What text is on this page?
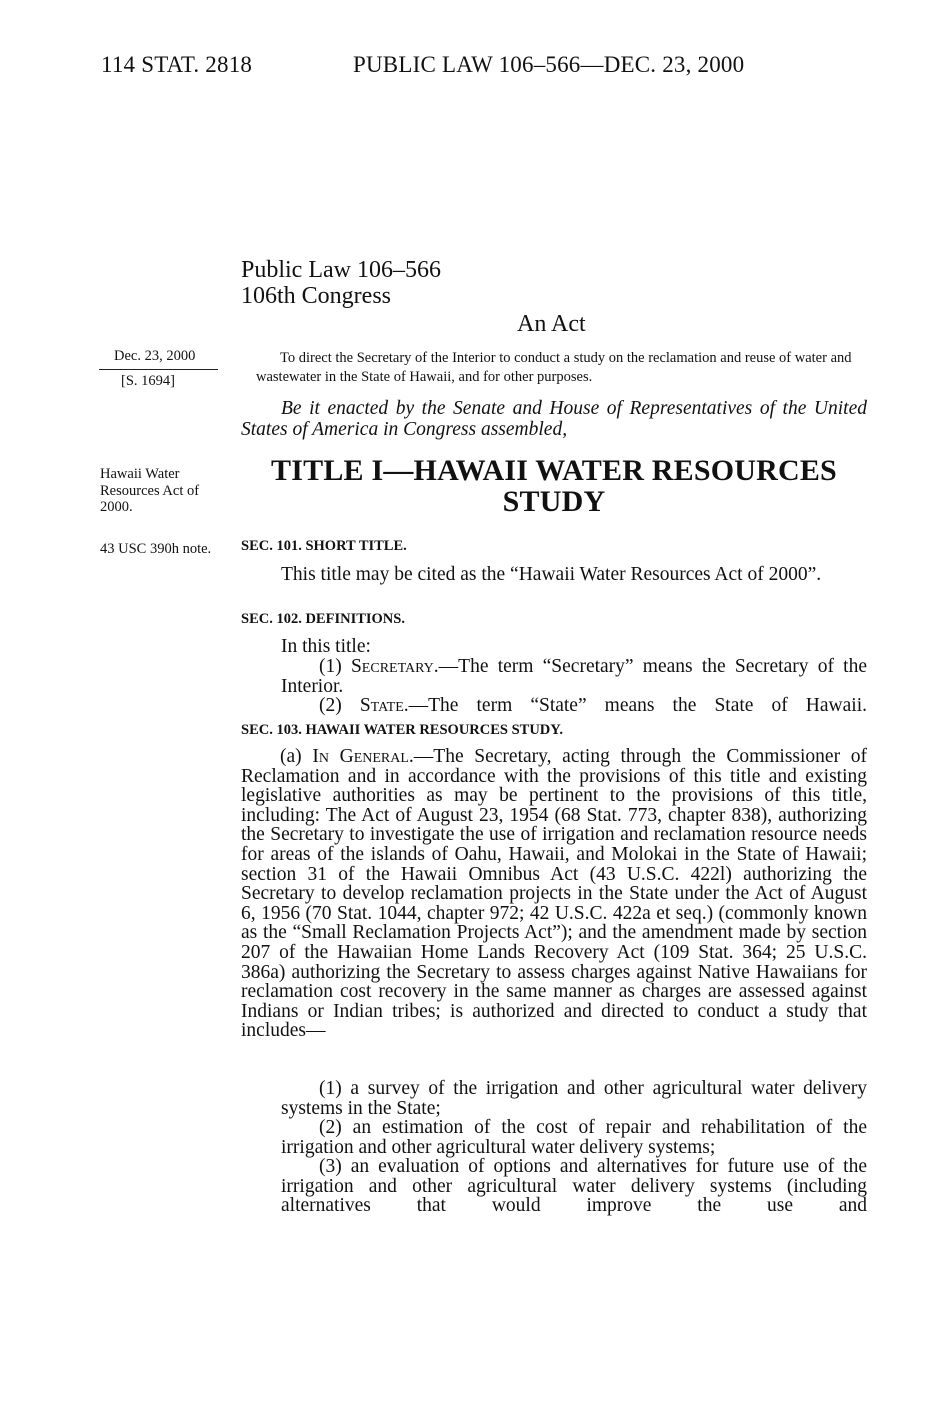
114 STAT. 2818	PUBLIC LAW 106–566—DEC. 23, 2000
Public Law 106–566
106th Congress
An Act
Dec. 23, 2000
[S. 1694]
To direct the Secretary of the Interior to conduct a study on the reclamation and reuse of water and wastewater in the State of Hawaii, and for other purposes.
Be it enacted by the Senate and House of Representatives of the United States of America in Congress assembled,
Hawaii Water Resources Act of 2000.
TITLE I—HAWAII WATER RESOURCES STUDY
43 USC 390h note.	SEC. 101. SHORT TITLE.
This title may be cited as the “Hawaii Water Resources Act of 2000”.
SEC. 102. DEFINITIONS.
In this title:
(1) Secretary.—The term “Secretary” means the Secretary of the Interior.
(2) State.—The term “State” means the State of Hawaii.
SEC. 103. HAWAII WATER RESOURCES STUDY.
(a) In General.—The Secretary, acting through the Commissioner of Reclamation and in accordance with the provisions of this title and existing legislative authorities as may be pertinent to the provisions of this title, including: The Act of August 23, 1954 (68 Stat. 773, chapter 838), authorizing the Secretary to investigate the use of irrigation and reclamation resource needs for areas of the islands of Oahu, Hawaii, and Molokai in the State of Hawaii; section 31 of the Hawaii Omnibus Act (43 U.S.C. 422l) authorizing the Secretary to develop reclamation projects in the State under the Act of August 6, 1956 (70 Stat. 1044, chapter 972; 42 U.S.C. 422a et seq.) (commonly known as the “Small Reclamation Projects Act”); and the amendment made by section 207 of the Hawaiian Home Lands Recovery Act (109 Stat. 364; 25 U.S.C. 386a) authorizing the Secretary to assess charges against Native Hawaiians for reclamation cost recovery in the same manner as charges are assessed against Indians or Indian tribes; is authorized and directed to conduct a study that includes—
(1) a survey of the irrigation and other agricultural water delivery systems in the State;
(2) an estimation of the cost of repair and rehabilitation of the irrigation and other agricultural water delivery systems;
(3) an evaluation of options and alternatives for future use of the irrigation and other agricultural water delivery systems (including alternatives that would improve the use and
